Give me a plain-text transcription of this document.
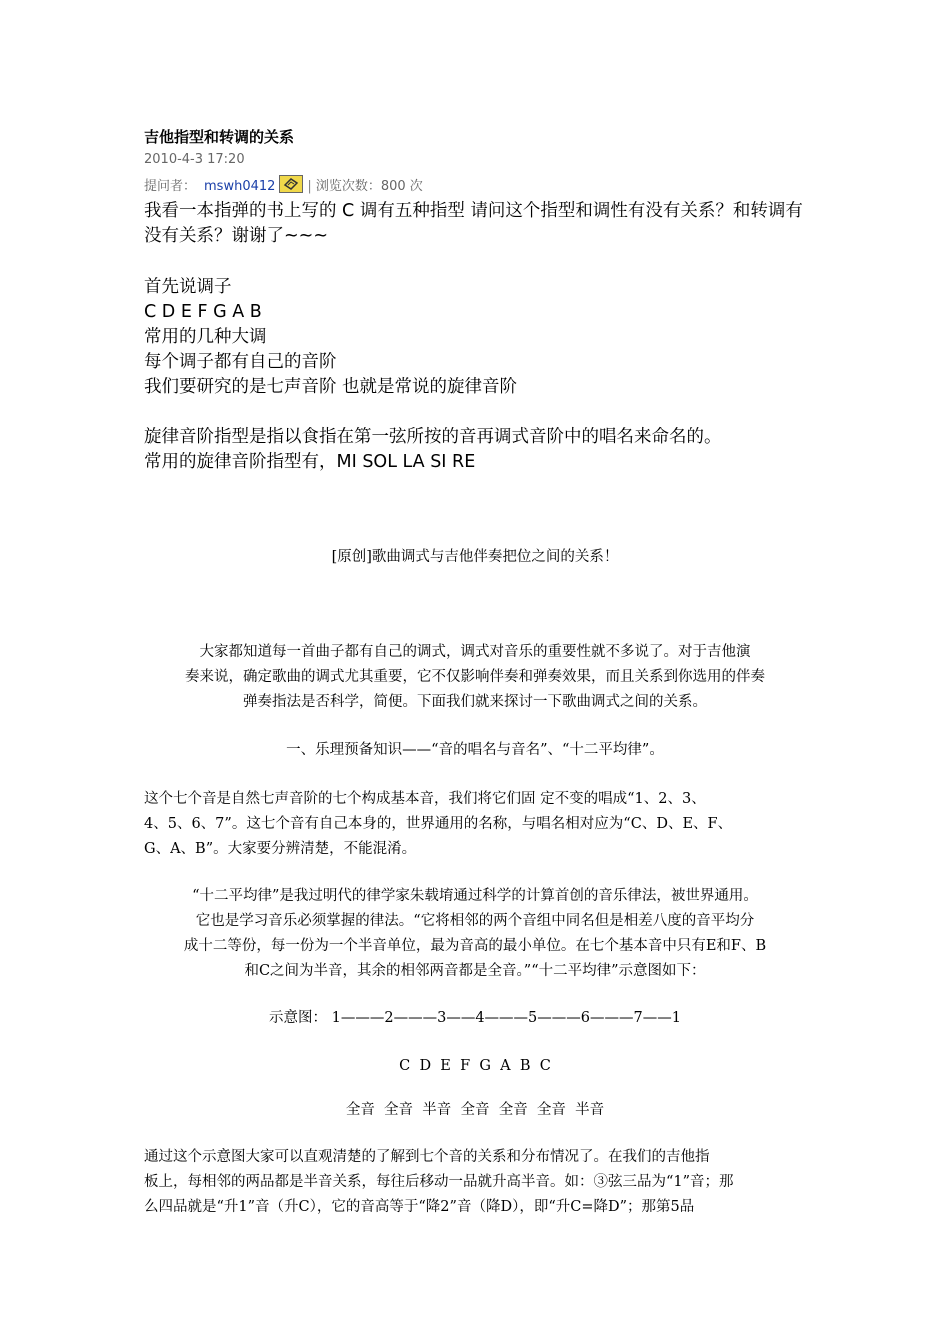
吉他指型和转调的关系
2010-4-3 17:20
提问者： mswh0412 | 浏览次数：800 次
我看一本指弹的书上写的 C 调有五种指型 请问这个指型和调性有没有关系？和转调有没有关系？谢谢了~~~
首先说调子
C D E F G A B
常用的几种大调
每个调子都有自己的音阶
我们要研究的是七声音阶 也就是常说的旋律音阶
旋律音阶指型是指以食指在第一弦所按的音再调式音阶中的唱名来命名的。
常用的旋律音阶指型有，MI SOL LA SI RE
[原创]歌曲调式与吉他伴奏把位之间的关系！
大家都知道每一首曲子都有自己的调式，调式对音乐的重要性就不多说了。对于吉他演
奏来说，确定歌曲的调式尤其重要，它不仅影响伴奏和弹奏效果，而且关系到你选用的伴奏
弹奏指法是否科学，简便。下面我们就来探讨一下歌曲调式之间的关系。
一、乐理预备知识——“音的唱名与音名”、“十二平均律”。
这个七个音是自然七声音阶的七个构成基本音，我们将它们固 定不变的唱成“1、2、3、
4、5、6、7”。这七个音有自己本身的，世界通用的名称，与唱名相对应为“C、D、E、F、
G、A、B”。大家要分辨清楚，不能混淆。
“十二平均律”是我过明代的律学家朱载堉通过科学的计算首创的音乐律法，被世界通用。
它也是学习音乐必须掌握的律法。“它将相邻的两个音组中同名但是相差八度的音平均分
成十二等份，每一份为一个半音单位，最为音高的最小单位。在七个基本音中只有E和F、B
和C之间为半音，其余的相邻两音都是全音。”“十二平均律”示意图如下：
示意图： 1———2———3——4———5———6———7——1
C  D  E  F  G  A  B  C
全音  全音  半音  全音  全音  全音  半音
通过这个示意图大家可以直观清楚的了解到七个音的关系和分布情况了。在我们的吉他指
板上，每相邻的两品都是半音关系，每往后移动一品就升高半音。如：③弦三品为“1”音；那
么四品就是“升1”音（升C），它的音高等于“降2”音（降D），即“升C=降D”；那第5品
